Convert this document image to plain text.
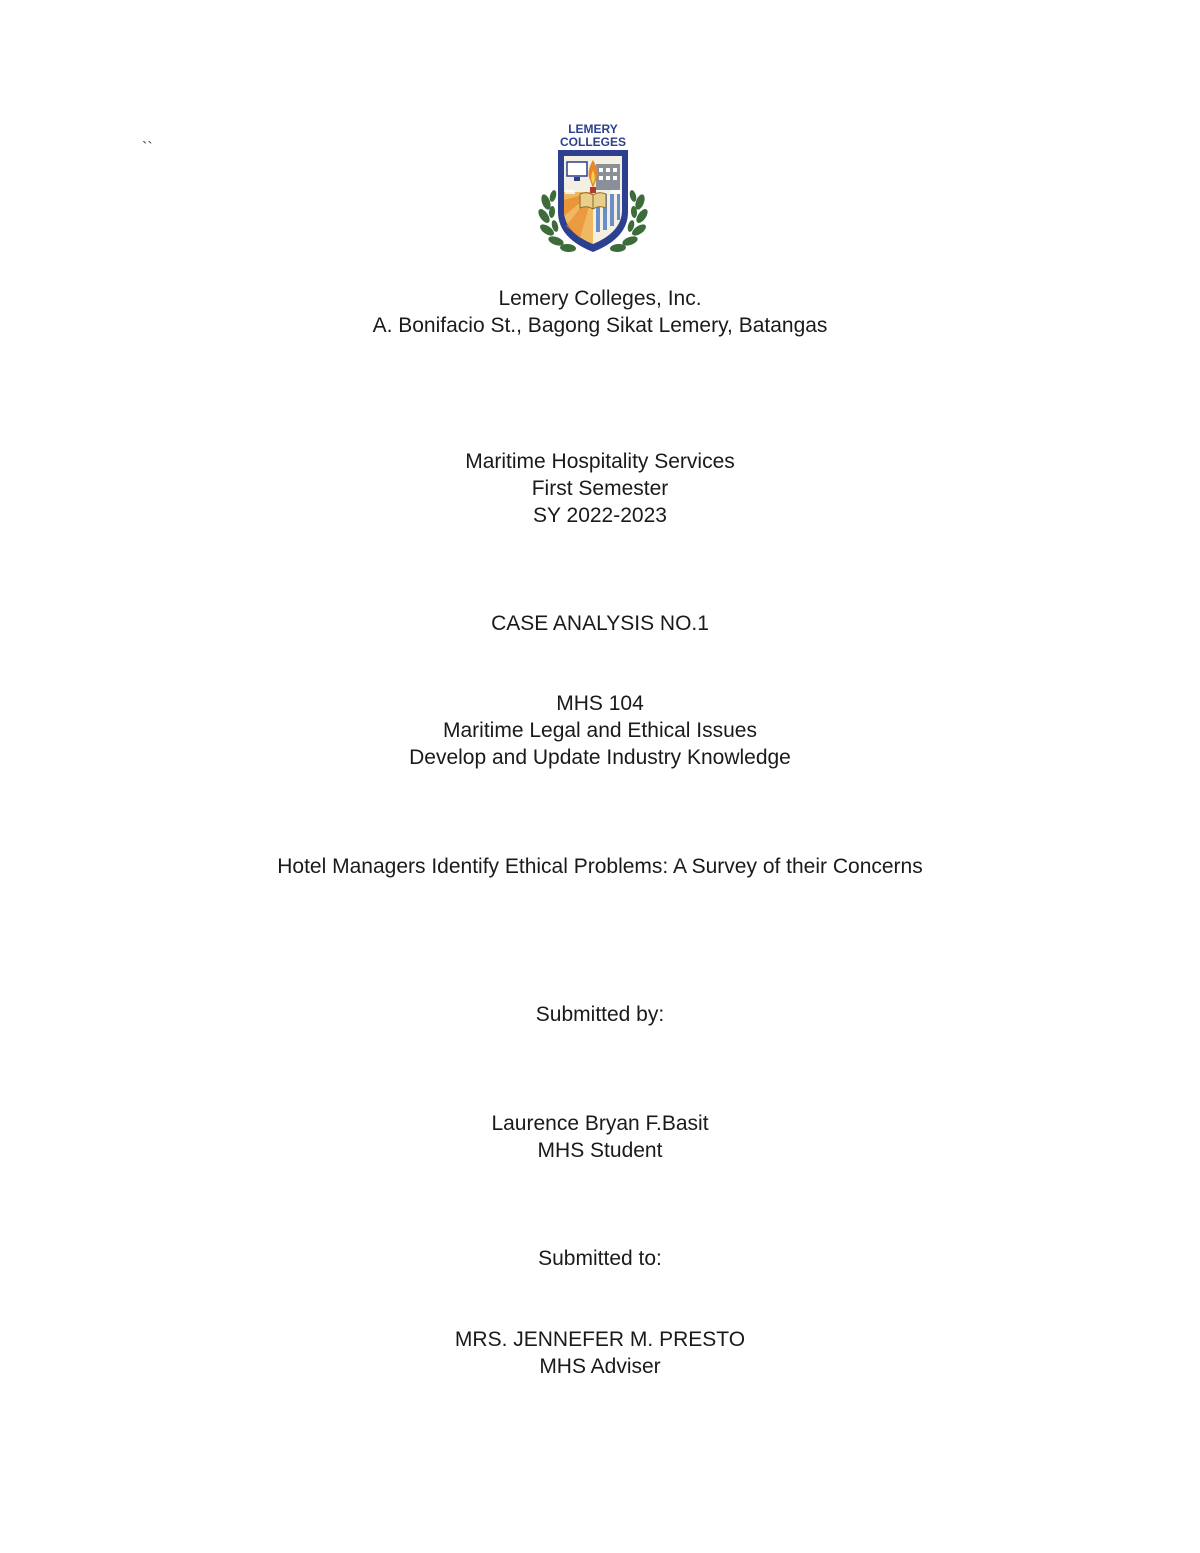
``
LEMERY
COLLEGES
Lemery Colleges, Inc.
A. Bonifacio St., Bagong Sikat Lemery, Batangas
Maritime Hospitality Services
First Semester
SY 2022-2023
CASE ANALYSIS NO.1
MHS 104
Maritime Legal and Ethical Issues
Develop and Update Industry Knowledge
Hotel Managers Identify Ethical Problems: A Survey of their Concerns
Submitted by:
Laurence Bryan F.Basit
MHS Student
Submitted to:
MRS. JENNEFER M. PRESTO
MHS Adviser
